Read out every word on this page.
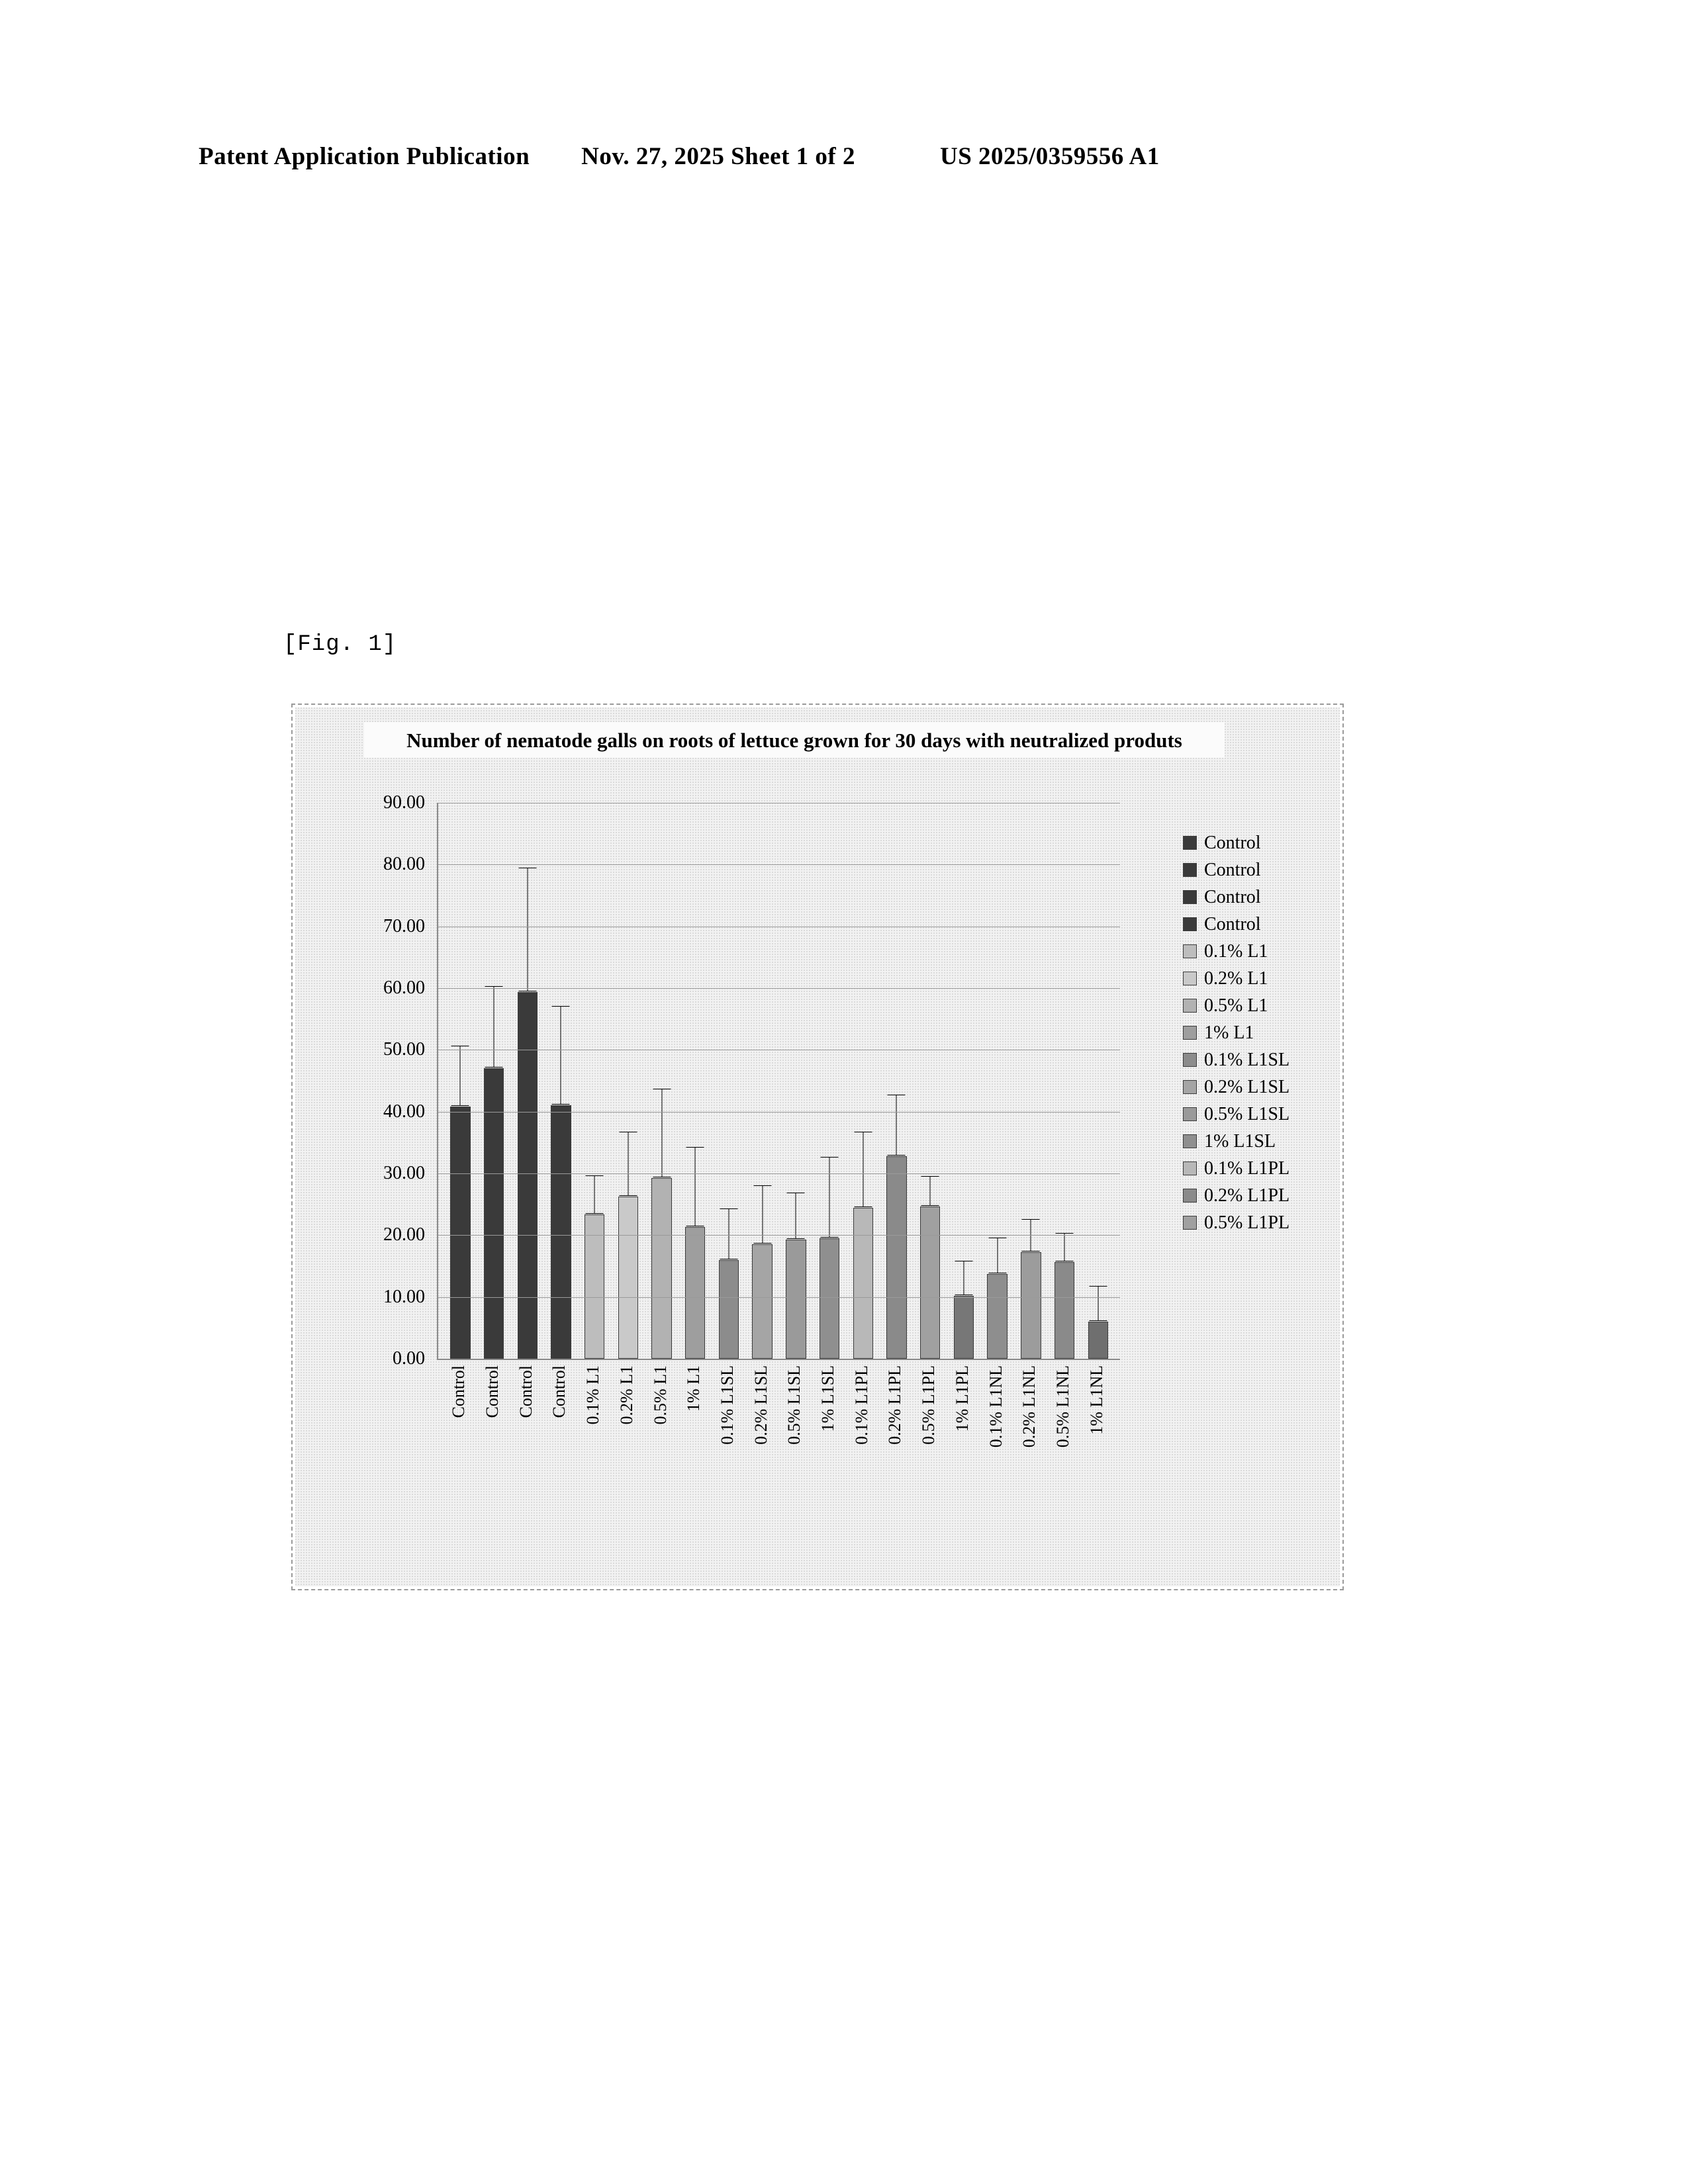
Patent Application Publication Nov. 27, 2025 Sheet 1 of 2	US 2025/0359556 A1
[Fig. 1]
Number of nematode galls on roots of lettuce grown for 30 days with neutralized produts
90.00
80.00
70.00
60.00
50.00
40.00
30.00
20.00
10.00
0.00
Control Control Control Control 0.1% L1 0.2% L1 0.5% L1 1% L1 0.1% L1SL 0.2% L1SL 0.5% L1SL 1% L1SL 0.1% L1PL 0.2% L1PL 0.5% L1PL 1% L1PL 0.1% L1NL 0.2% L1NL 0.5% L1NL 1% L1NL
Control
Control
Control
Control
0.1% L1
0.2% L1
0.5% L1
1% L1
0.1% L1SL
0.2% L1SL
0.5% L1SL
1% L1SL
0.1% L1PL
0.2% L1PL
0.5% L1PL
